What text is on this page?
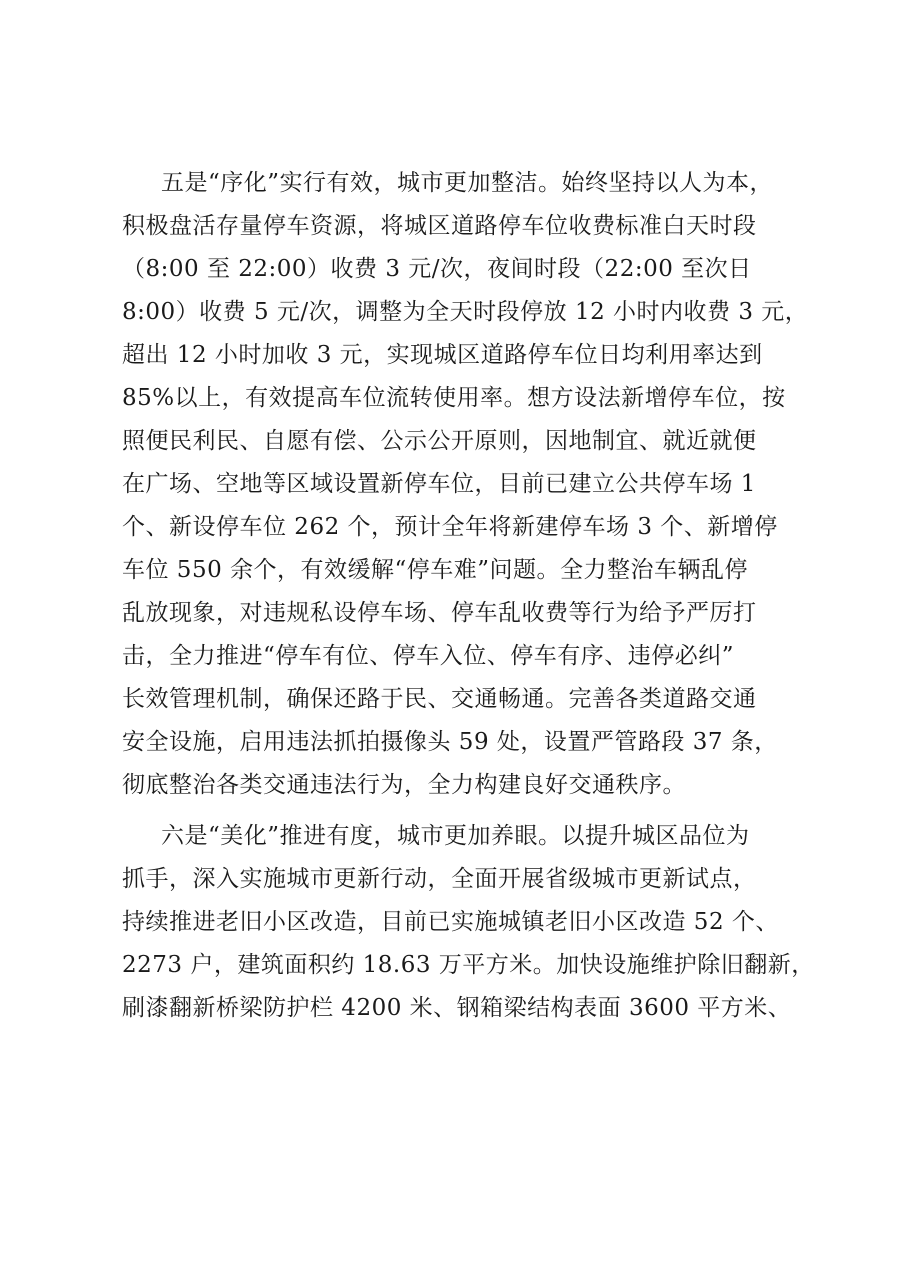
五是“序化”实行有效，城市更加整洁。始终坚持以人为本，
积极盘活存量停车资源，将城区道路停车位收费标准白天时段
（8:00 至 22:00）收费 3 元/次，夜间时段（22:00 至次日
8:00）收费 5 元/次，调整为全天时段停放 12 小时内收费 3 元，
超出 12 小时加收 3 元，实现城区道路停车位日均利用率达到
85%以上，有效提高车位流转使用率。想方设法新增停车位，按
照便民利民、自愿有偿、公示公开原则，因地制宜、就近就便
在广场、空地等区域设置新停车位，目前已建立公共停车场 1
个、新设停车位 262 个，预计全年将新建停车场 3 个、新增停
车位 550 余个，有效缓解“停车难”问题。全力整治车辆乱停
乱放现象，对违规私设停车场、停车乱收费等行为给予严厉打
击，全力推进“停车有位、停车入位、停车有序、违停必纠”
长效管理机制，确保还路于民、交通畅通。完善各类道路交通
安全设施，启用违法抓拍摄像头 59 处，设置严管路段 37 条，
彻底整治各类交通违法行为，全力构建良好交通秩序。
六是“美化”推进有度，城市更加养眼。以提升城区品位为
抓手，深入实施城市更新行动，全面开展省级城市更新试点，
持续推进老旧小区改造，目前已实施城镇老旧小区改造 52 个、
2273 户，建筑面积约 18.63 万平方米。加快设施维护除旧翻新，
刷漆翻新桥梁防护栏 4200 米、钢箱梁结构表面 3600 平方米、
